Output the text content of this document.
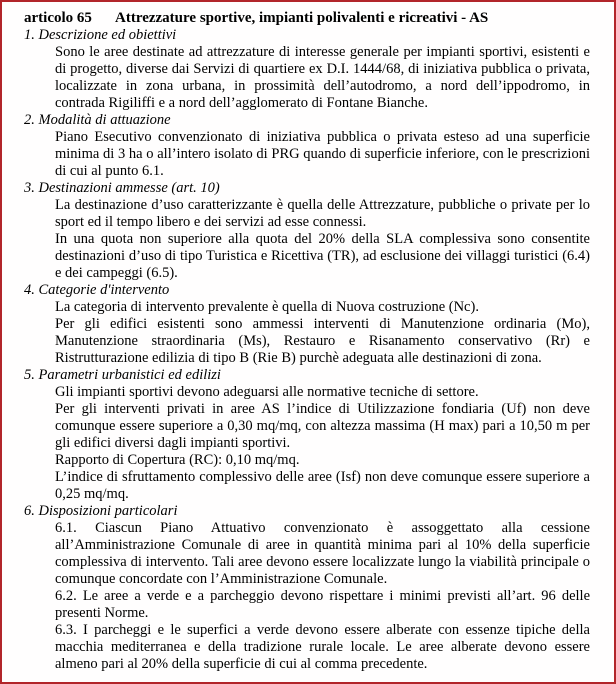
articolo 65 Attrezzature sportive, impianti polivalenti e ricreativi - AS

1. Descrizione ed obiettivi

Sono le aree destinate ad attrezzature di interesse generale per impianti sportivi, esistenti e di progetto, diverse dai Servizi di quartiere ex D.I. 1444/68, di iniziativa pubblica o privata, localizzate in zona urbana, in prossimità dell’autodromo, a nord dell’ippodromo, in contrada Rigiliffi e a nord dell’agglomerato di Fontane Bianche.

2. Modalità di attuazione

Piano Esecutivo convenzionato di iniziativa pubblica o privata esteso ad una superficie minima di 3 ha o all’intero isolato di PRG quando di superficie inferiore, con le prescrizioni di cui al punto 6.1.

3. Destinazioni ammesse (art. 10)

La destinazione d’uso caratterizzante è quella delle Attrezzature, pubbliche o private per lo sport ed il tempo libero e dei servizi ad esse connessi.

In una quota non superiore alla quota del 20% della SLA complessiva sono consentite destinazioni d’uso di tipo Turistica e Ricettiva (TR), ad esclusione dei villaggi turistici (6.4) e dei campeggi (6.5).

4. Categorie d'intervento

La categoria di intervento prevalente è quella di Nuova costruzione (Nc).

Per gli edifici esistenti sono ammessi interventi di Manutenzione ordinaria (Mo), Manutenzione straordinaria (Ms), Restauro e Risanamento conservativo (Rr) e Ristrutturazione edilizia di tipo B (Rie B) purchè adeguata alle destinazioni di zona.

5. Parametri urbanistici ed edilizi

Gli impianti sportivi devono adeguarsi alle normative tecniche di settore.

Per gli interventi privati in aree AS l’indice di Utilizzazione fondiaria (Uf) non deve comunque essere superiore a 0,30 mq/mq, con altezza massima (H max) pari a 10,50 m per gli edifici diversi dagli impianti sportivi.

Rapporto di Copertura (RC): 0,10 mq/mq.

L’indice di sfruttamento complessivo delle aree (Isf) non deve comunque essere superiore a 0,25 mq/mq.

6. Disposizioni particolari

6.1. Ciascun Piano Attuativo convenzionato è assoggettato alla cessione all’Amministrazione Comunale di aree in quantità minima pari al 10% della superficie complessiva di intervento. Tali aree devono essere localizzate lungo la viabilità principale o comunque concordate con l’Amministrazione Comunale.

6.2. Le aree a verde e a parcheggio devono rispettare i minimi previsti all’art. 96 delle presenti Norme.

6.3. I parcheggi e le superfici a verde devono essere alberate con essenze tipiche della macchia mediterranea e della tradizione rurale locale. Le aree alberate devono essere almeno pari al 20% della superficie di cui al comma precedente.
